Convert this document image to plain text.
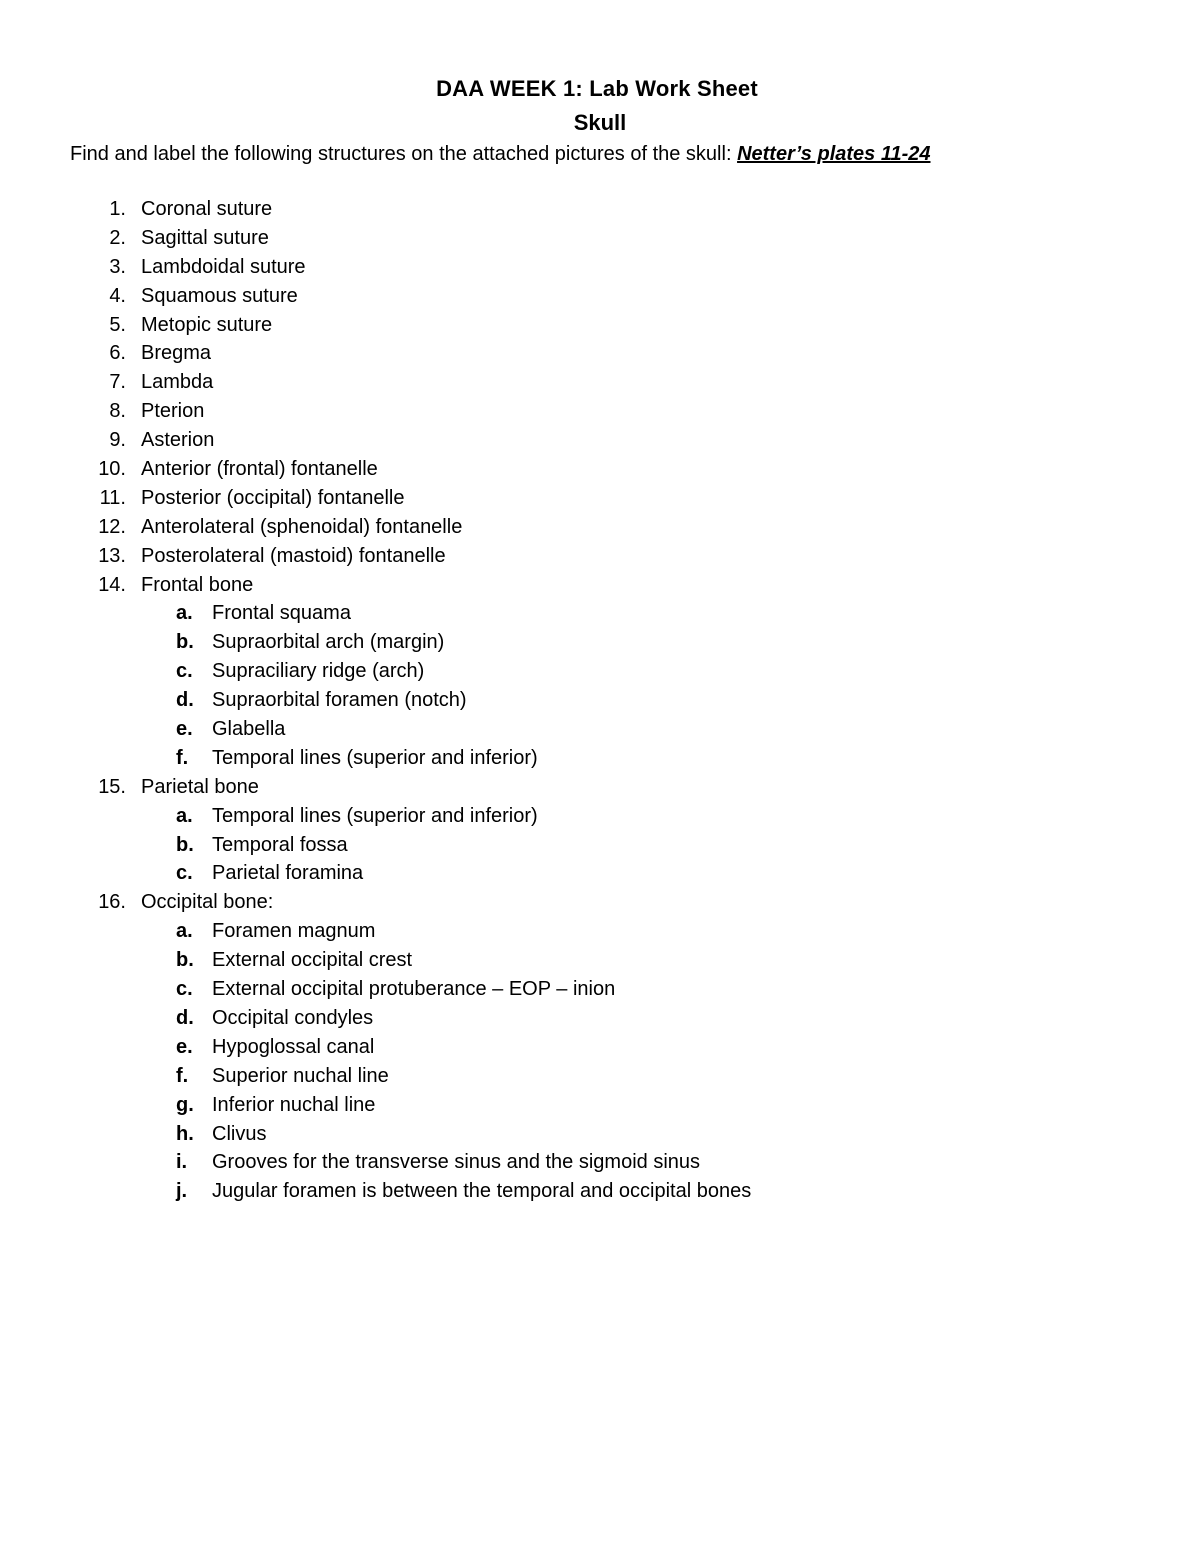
DAA WEEK 1: Lab Work Sheet
Skull
Find and label the following structures on the attached pictures of the skull: Netter’s plates 11-24
1. Coronal suture
2. Sagittal suture
3. Lambdoidal suture
4. Squamous suture
5. Metopic suture
6. Bregma
7. Lambda
8. Pterion
9. Asterion
10. Anterior (frontal) fontanelle
11. Posterior (occipital) fontanelle
12. Anterolateral (sphenoidal) fontanelle
13. Posterolateral (mastoid) fontanelle
14. Frontal bone
a. Frontal squama
b. Supraorbital arch (margin)
c. Supraciliary ridge (arch)
d. Supraorbital foramen (notch)
e. Glabella
f.	Temporal lines (superior and inferior)
15. Parietal bone
a. Temporal lines (superior and inferior)
b. Temporal fossa
c. Parietal foramina
16. Occipital bone:
a. Foramen magnum
b. External occipital crest
c. External occipital protuberance – EOP – inion
d. Occipital condyles
e. Hypoglossal canal
f.	Superior nuchal line
g. Inferior nuchal line
h. Clivus
i.	Grooves for the transverse sinus and the sigmoid sinus
j.	Jugular foramen is between the temporal and occipital bones
